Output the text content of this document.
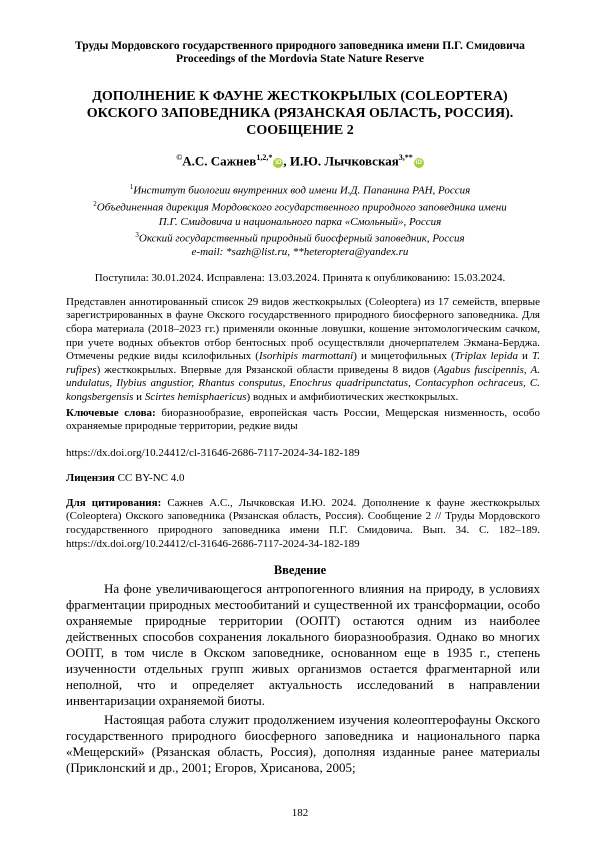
Труды Мордовского государственного природного заповедника имени П.Г. Смидовича
Proceedings of the Mordovia State Nature Reserve
ДОПОЛНЕНИЕ К ФАУНЕ ЖЕСТКОКРЫЛЫХ (COLEOPTERA)
ОКСКОГО ЗАПОВЕДНИКА (РЯЗАНСКАЯ ОБЛАСТЬ, РОССИЯ).
СООБЩЕНИЕ 2
©А.С. Сажнев$^{1,2,*}$iD , И.Ю. Лычковская$^{3,**}$iD
$^1$Институт биологии внутренних вод имени И.Д. Папанина РАН, Россия
$^2$Объединенная дирекция Мордовского государственного природного заповедника имени
П.Г. Смидовича и национального парка «Смольный», Россия
$^3$Окский государственный природный биосферный заповедник, Россия
e-mail: *sazh@list.ru, **heteroptera@yandex.ru
Поступила: 30.01.2024. Исправлена: 13.03.2024. Принята к опубликованию: 15.03.2024.
Представлен аннотированный список 29 видов жесткокрылых (Coleoptera) из 17 семейств, впервые зарегистрированных в фауне Окского государственного природного биосферного заповедника. Для сбора материала (2018–2023 гг.) применяли оконные ловушки, кошение энтомологическим сачком, при учете водных объектов отбор бентосных проб осуществляли дночерпателем Экмана-Берджа. Отмечены редкие виды ксилофильных (Isorhipis marmottani) и мицетофильных (Triplax lepida и T. rufipes) жесткокрылых. Впервые для Рязанской области приведены 8 видов (Agabus fuscipennis, A. undulatus, Ilybius angustior, Rhantus consputus, Enochrus quadripunctatus, Contacyphon ochraceus, C. kongsbergensis и Scirtes hemisphaericus) водных и амфибиотических жесткокрылых.
Ключевые слова: биоразнообразие, европейская часть России, Мещерская низменность, особо охраняемые природные территории, редкие виды
https://dx.doi.org/10.24412/cl-31646-2686-7117-2024-34-182-189
Лицензия CC BY-NC 4.0
Для цитирования: Сажнев А.С., Лычковская И.Ю. 2024. Дополнение к фауне жесткокрылых (Coleoptera) Окского заповедника (Рязанская область, Россия). Сообщение 2 // Труды Мордовского государственного природного заповедника имени П.Г. Смидовича. Вып. 34. С. 182–189. https://dx.doi.org/10.24412/cl-31646-2686-7117-2024-34-182-189
Введение
На фоне увеличивающегося антропогенного влияния на природу, в условиях фрагментации природных местообитаний и существенной их трансформации, особо охраняемые природные территории (ООПТ) остаются одним из наиболее действенных способов сохранения локального биоразнообразия. Однако во многих ООПТ, в том числе в Окском заповеднике, основанном еще в 1935 г., степень изученности отдельных групп живых организмов остается фрагментарной или неполной, что и определяет актуальность исследований в направлении инвентаризации охраняемой биоты.
Настоящая работа служит продолжением изучения колеоптерофауны Окского государственного природного биосферного заповедника и национального парка «Мещерский» (Рязанская область, Россия), дополняя изданные ранее материалы (Приклонский и др., 2001; Егоров, Хрисанова, 2005;
182
